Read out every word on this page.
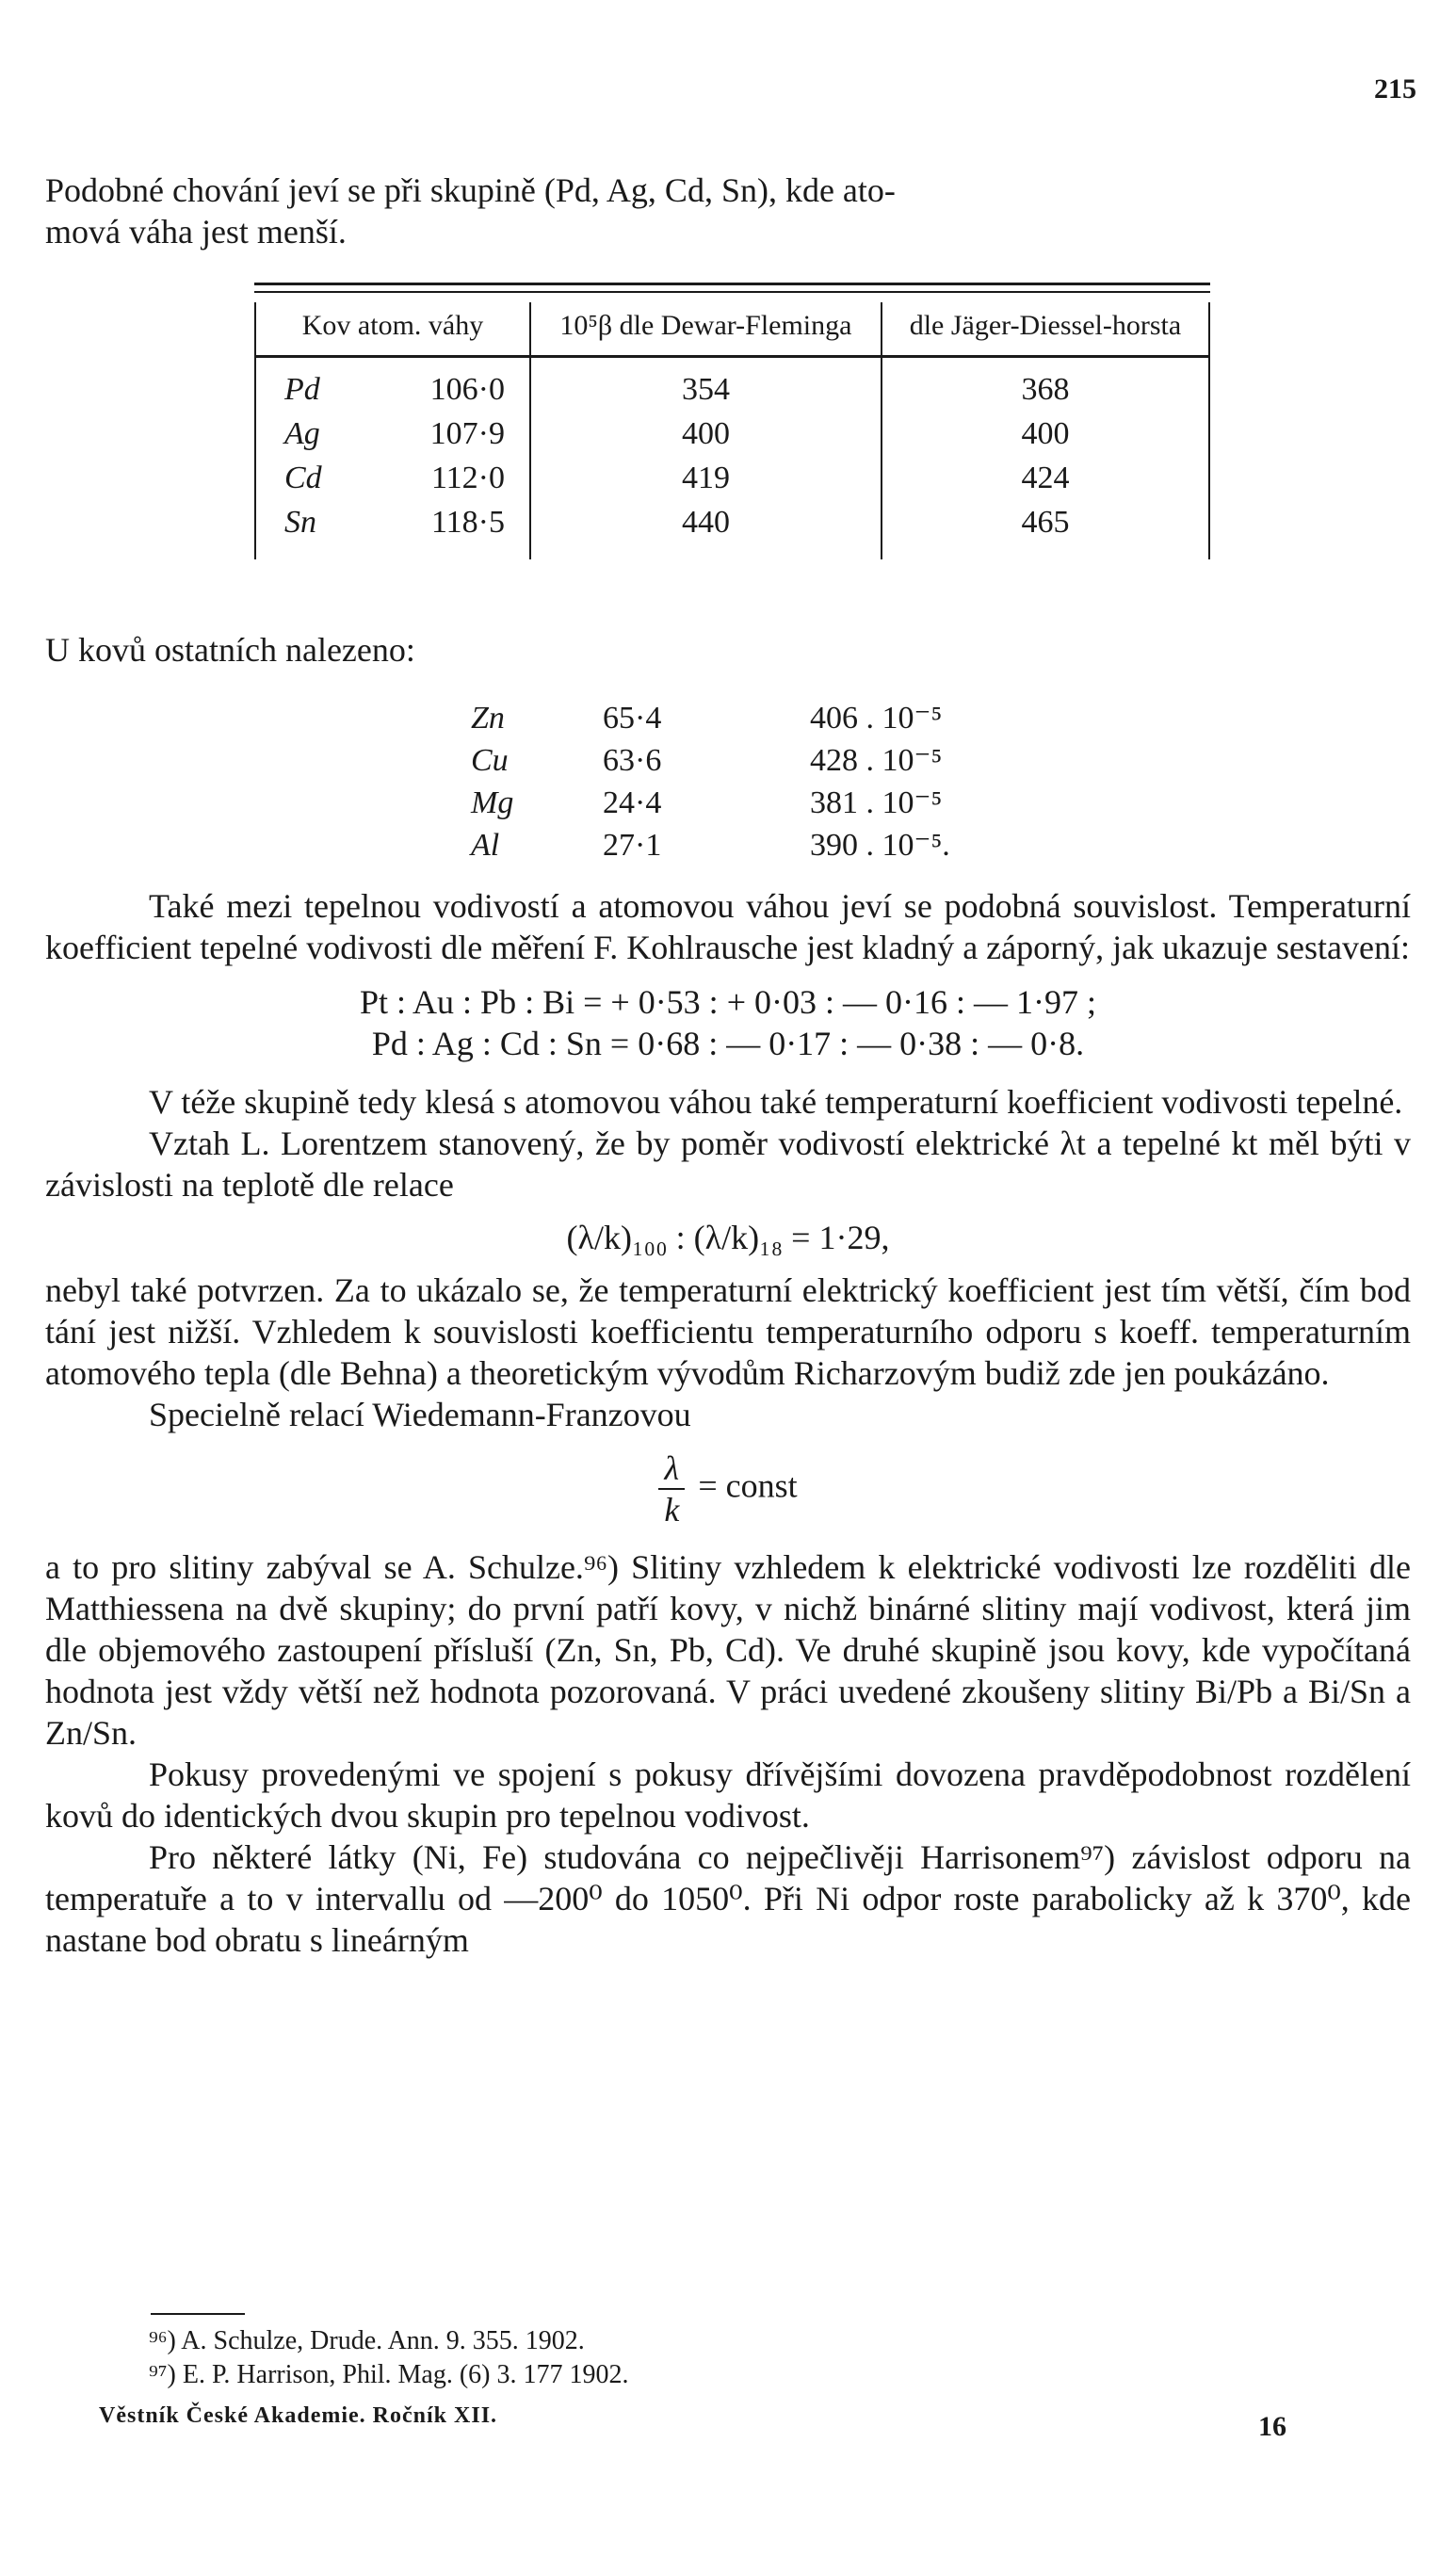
215
Podobné chování jeví se při skupině (Pd, Ag, Cd, Sn), kde ato-
mová váha jest menší.
Kov atom. váhy		10⁵β dle Dewar-Fleminga	dle Jäger-Diessel-horsta
Pd	106·0	354	368
Ag	107·9	400	400
Cd	112·0	419	424
Sn	118·5	440	465
U kovů ostatních nalezeno:
Zn	65·4	406 . 10⁻⁵
Cu	63·6	428 . 10⁻⁵
Mg	24·4	381 . 10⁻⁵
Al	27·1	390 . 10⁻⁵.

Také mezi tepelnou vodivostí a atomovou váhou jeví se podobná souvislost. Temperaturní koefficient tepelné vodivosti dle měření F. Kohlrausche jest kladný a záporný, jak ukazuje sestavení:

Pt : Au : Pb : Bi = + 0·53 : + 0·03 : — 0·16 : — 1·97 ;
Pd : Ag : Cd : Sn = 0·68 : — 0·17 : — 0·38 : — 0·8.

V téže skupině tedy klesá s atomovou váhou také temperaturní koefficient vodivosti tepelné.

Vztah L. Lorentzem stanovený, že by poměr vodivostí elektrické λt a tepelné kt měl býti v závislosti na teplotě dle relace

(λ/k)₁₀₀ : (λ/k)₁₈ = 1·29,

nebyl také potvrzen. Za to ukázalo se, že temperaturní elektrický koefficient jest tím větší, čím bod tání jest nižší. Vzhledem k souvislosti koefficientu temperaturního odporu s koeff. temperaturním atomového tepla (dle Behna) a theoretickým vývodům Richarzovým budiž zde jen poukázáno.

Specielně relací Wiedemann-Franzovou

$\frac{\lambda}{k}$ = const

a to pro slitiny zabýval se A. Schulze.⁹⁶) Slitiny vzhledem k elektrické vodivosti lze rozděliti dle Matthiessena na dvě skupiny; do první patří kovy, v nichž binárné slitiny mají vodivost, která jim dle objemového zastoupení přísluší (Zn, Sn, Pb, Cd). Ve druhé skupině jsou kovy, kde vypočítaná hodnota jest vždy větší než hodnota pozorovaná. V práci uvedené zkoušeny slitiny Bi/Pb a Bi/Sn a Zn/Sn.

Pokusy provedenými ve spojení s pokusy dřívějšími dovozena pravděpodobnost rozdělení kovů do identických dvou skupin pro tepelnou vodivost.

Pro některé látky (Ni, Fe) studována co nejpečlivěji Harrisonem⁹⁷) závislost odporu na temperatuře a to v intervallu od —200⁰ do 1050⁰. Při Ni odpor roste parabolicky až k 370⁰, kde nastane bod obratu s lineárným

⁹⁶) A. Schulze, Drude. Ann. 9. 355. 1902.
⁹⁷) E. P. Harrison, Phil. Mag. (6) 3. 177 1902.
Věstník České Akademie. Ročník XII.	16
